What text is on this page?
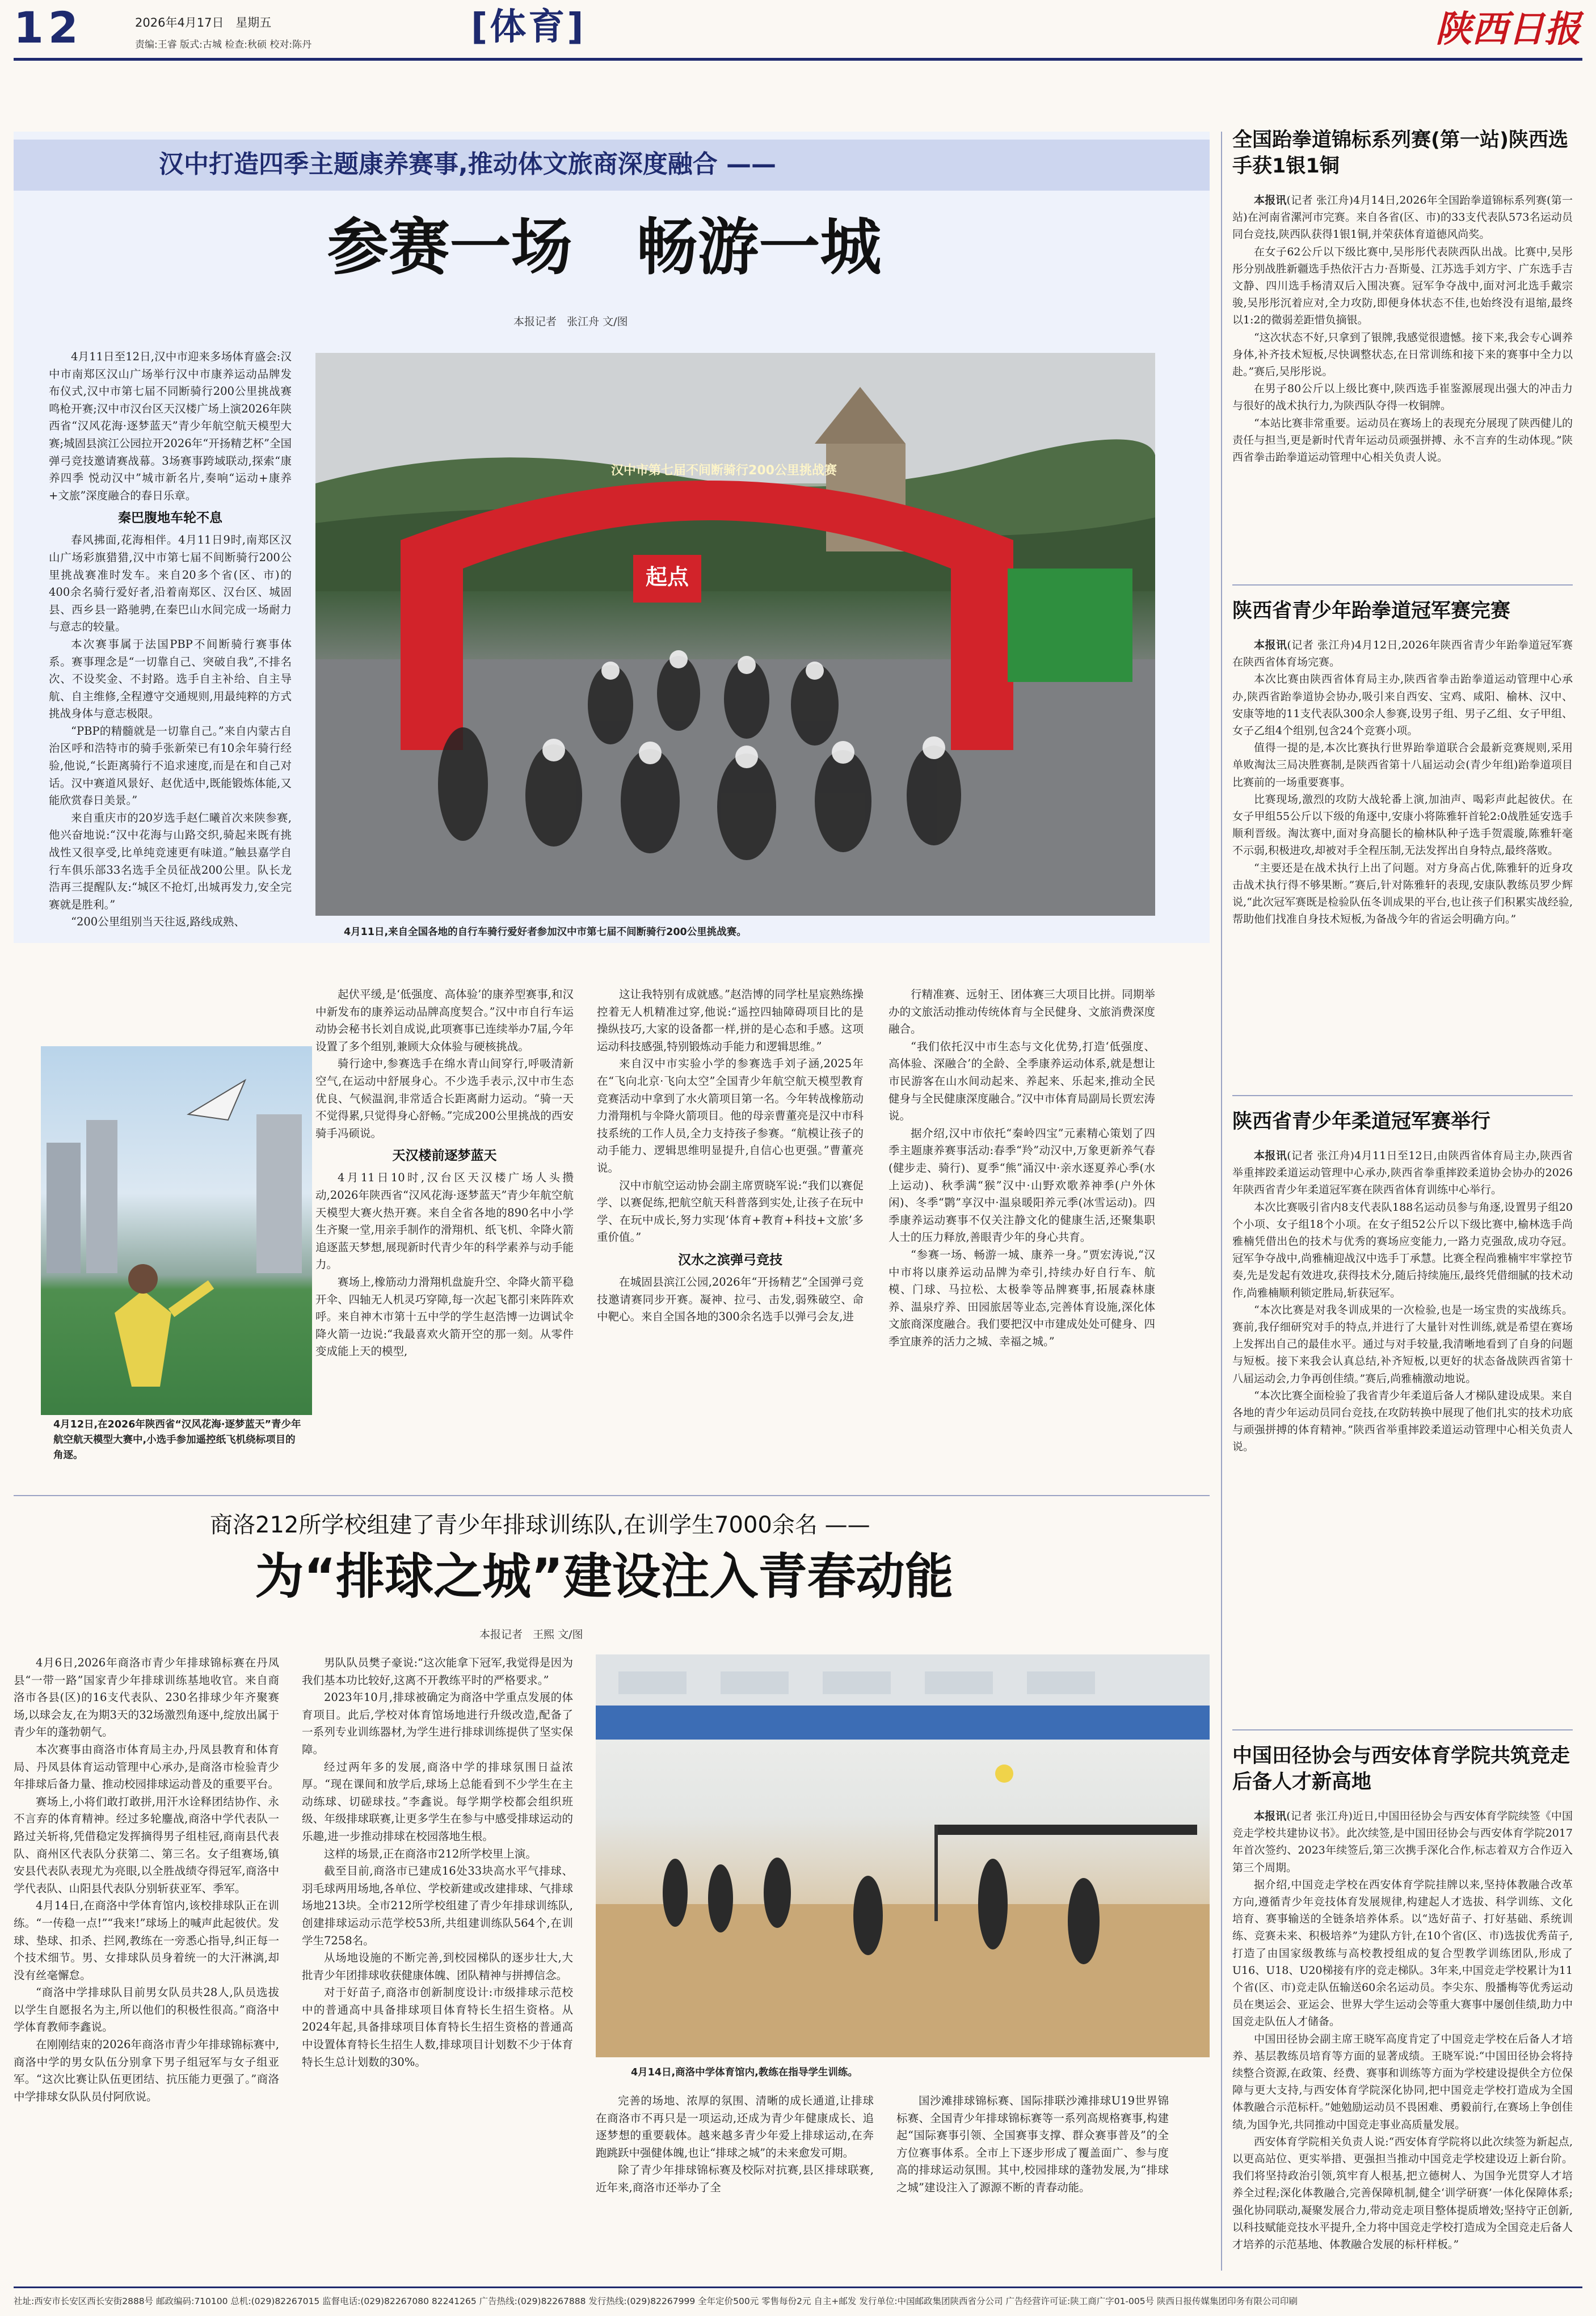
12	2026年4月17日 星期五
责编:王睿 版式:古城 检查:秋硕 校对:陈丹	[体育]	陕西日报
汉中打造四季主题康养赛事,推动体文旅商深度融合 ——
参赛一场   畅游一城
本报记者   张江舟 文/图

4月11日至12日,汉中市迎来多场体育盛会:汉中市南郑区汉山广场举行汉中市康养运动品牌发布仪式,汉中市第七届不同断骑行200公里挑战赛鸣枪开赛;汉中市汉台区天汉楼广场上演2026年陕西省“汉风花海·逐梦蓝天”青少年航空航天模型大赛;城固县滨江公园拉开2026年“开扬精艺杯”全国弹弓竞技邀请赛战幕。3场赛事跨域联动,探索“康养四季 悦动汉中”城市新名片,奏响“运动+康养+文旅”深度融合的春日乐章。

秦巴腹地车轮不息

春风拂面,花海相伴。4月11日9时,南郑区汉山广场彩旗猎猎,汉中市第七届不间断骑行200公里挑战赛准时发车。来自20多个省(区、市)的400余名骑行爱好者,沿着南郑区、汉台区、城固县、西乡县一路驰骋,在秦巴山水间完成一场耐力与意志的较量。

本次赛事属于法国PBP不间断骑行赛事体系。赛事理念是“一切靠自己、突破自我”,不排名次、不设奖金、不封路。选手自主补给、自主导航、自主维修,全程遵守交通规则,用最纯粹的方式挑战身体与意志极限。

“PBP的精髓就是一切靠自己。”来自内蒙古自治区呼和浩特市的骑手张新荣已有10余年骑行经验,他说,“长距离骑行不追求速度,而是在和自己对话。汉中赛道风景好、赵优适中,既能锻炼体能,又能欣赏春日美景。”

来自重庆市的20岁选手赵仁曦首次来陕参赛,他兴奋地说:“汉中花海与山路交织,骑起来既有挑战性又很享受,比单纯竞速更有味道。”触县嘉学自行车俱乐部33名选手全员征战200公里。队长龙浩再三提醒队友:“城区不抢灯,出城再发力,安全完赛就是胜利。”

“200公里组别当天往返,路线成熟、

汉中市第七届不间断骑行200公里挑战赛
起点
4月11日,来自全国各地的自行车骑行爱好者参加汉中市第七届不间断骑行200公里挑战赛。
4月12日,在2026年陕西省“汉风花海·逐梦蓝天”青少年航空航天模型大赛中,小选手参加遥控纸飞机绕标项目的角逐。

起伏平缓,是‘低强度、高体验’的康养型赛事,和汉中新发布的康养运动品牌高度契合。”汉中市自行车运动协会秘书长刘自成说,此项赛事已连续举办7届,今年设置了多个组别,兼顾大众体验与硬核挑战。

骑行途中,参赛选手在绵水青山间穿行,呼吸清新空气,在运动中舒展身心。不少选手表示,汉中市生态优良、气候温润,非常适合长距离耐力运动。“骑一天不觉得累,只觉得身心舒畅。”完成200公里挑战的西安骑手冯硕说。

天汉楼前逐梦蓝天

4月11日10时,汉台区天汉楼广场人头攒动,2026年陕西省“汉风花海·逐梦蓝天”青少年航空航天模型大赛火热开赛。来自全省各地的890名中小学生齐聚一堂,用亲手制作的滑翔机、纸飞机、伞降火箭追逐蓝天梦想,展现新时代青少年的科学素养与动手能力。

赛场上,橡筋动力滑翔机盘旋升空、伞降火箭平稳开伞、四轴无人机灵巧穿障,每一次起飞都引来阵阵欢呼。来自神木市第十五中学的学生赵浩博一边调试伞降火箭一边说:“我最喜欢火箭开空的那一刻。从零件变成能上天的模型,

这让我特别有成就感。”赵浩博的同学杜星宸熟练操控着无人机精准过穿,他说:“遥控四轴障碍项目比的是操纵技巧,大家的设备都一样,拼的是心态和手感。这项运动科技感强,特别锻炼动手能力和逻辑思维。”

来自汉中市实验小学的参赛选手刘子涵,2025年在“飞向北京·飞向太空”全国青少年航空航天模型教育竞赛活动中拿到了水火箭项目第一名。今年转战橡筋动力滑翔机与伞降火箭项目。他的母亲曹董亮是汉中市科技系统的工作人员,全力支持孩子参赛。“航模让孩子的动手能力、逻辑思维明显提升,自信心也更强。”曹董亮说。

汉中市航空运动协会副主席贾晓军说:“我们以赛促学、以赛促练,把航空航天科普落到实处,让孩子在玩中学、在玩中成长,努力实现‘体育+教育+科技+文旅’多重价值。”

汉水之滨弹弓竞技

在城固县滨江公园,2026年“开扬精艺”全国弹弓竞技邀请赛同步开赛。凝神、拉弓、击发,弱殊破空、命中靶心。来自全国各地的300余名选手以弹弓会友,进

行精准赛、远射王、团体赛三大项目比拼。同期举办的文旅活动推动传统体育与全民健身、文旅消费深度融合。

“我们依托汉中市生态与文化优势,打造‘低强度、高体验、深融合’的全龄、全季康养运动体系,就是想让市民游客在山水间动起来、养起来、乐起来,推动全民健身与全民健康深度融合。”汉中市体育局副局长贾宏涛说。

据介绍,汉中市依托“秦岭四宝”元素精心策划了四季主题康养赛事活动:春季“羚”动汉中,万象更新养气春(健步走、骑行)、夏季“熊”涌汉中·亲水逐夏养心季(水上运动)、秋季满“猴”汉中·山野欢歌养神季(户外休闲)、冬季“鹮”享汉中·温泉暖阳养元季(冰雪运动)。四季康养运动赛事不仅关注静文化的健康生活,还聚集职人士的压力释放,善眼青少年的身心共育。

“参赛一场、畅游一城、康养一身。”贾宏涛说,“汉中市将以康养运动品牌为牵引,持续办好自行车、航模、门球、马拉松、太极拳等品牌赛事,拓展森林康养、温泉疗养、田园旅居等业态,完善体育设施,深化体文旅商深度融合。我们要把汉中市建成处处可健身、四季宜康养的活力之城、幸福之城。”

商洛212所学校组建了青少年排球训练队,在训学生7000余名 ——
为“排球之城”建设注入青春动能
本报记者   王熙 文/图

4月6日,2026年商洛市青少年排球锦标赛在丹凤县“一带一路”国家青少年排球训练基地收官。来自商洛市各县(区)的16支代表队、230名排球少年齐聚赛场,以球会友,在为期3天的32场激烈角逐中,绽放出属于青少年的蓬勃朝气。

本次赛事由商洛市体育局主办,丹凤县教育和体育局、丹凤县体育运动管理中心承办,是商洛市检验青少年排球后备力量、推动校园排球运动普及的重要平台。

赛场上,小将们敢打敢拼,用汗水诠释团结协作、永不言弃的体育精神。经过多轮鏖战,商洛中学代表队一路过关斩将,凭借稳定发挥摘得男子组桂冠,商南县代表队、商州区代表队分获第二、第三名。女子组赛场,镇安县代表队表现尤为亮眼,以全胜战绩夺得冠军,商洛中学代表队、山阳县代表队分别斩获亚军、季军。

4月14日,在商洛中学体育馆内,该校排球队正在训练。“一传稳一点!”“我来!”球场上的喊声此起彼伏。发球、垫球、扣杀、拦网,教练在一旁悉心指导,纠正每一个技术细节。男、女排球队员身着统一的大汗淋漓,却没有丝毫懈怠。

“商洛中学排球队目前男女队员共28人,队员选拔以学生自愿报名为主,所以他们的积极性很高。”商洛中学体育教师李鑫说。

在刚刚结束的2026年商洛市青少年排球锦标赛中,商洛中学的男女队伍分别拿下男子组冠军与女子组亚军。“这次比赛让队伍更团结、抗压能力更强了。”商洛中学排球女队队员付阿欣说。

男队队员樊子豪说:“这次能拿下冠军,我觉得是因为我们基本功比较好,这离不开教练平时的严格要求。”

2023年10月,排球被确定为商洛中学重点发展的体育项目。此后,学校对体育馆场地进行升级改造,配备了一系列专业训练器材,为学生进行排球训练提供了坚实保障。

经过两年多的发展,商洛中学的排球氛围日益浓厚。“现在课间和放学后,球场上总能看到不少学生在主动练球、切磋球技。”李鑫说。每学期学校都会组织班级、年级排球联赛,让更多学生在参与中感受排球运动的乐趣,进一步推动排球在校园落地生根。

这样的场景,正在商洛市212所学校里上演。

截至目前,商洛市已建成16处33块高水平气排球、羽毛球两用场地,各单位、学校新建或改建排球、气排球场地213块。全市212所学校组建了青少年排球训练队,创建排球运动示范学校53所,共组建训练队564个,在训学生7258名。

从场地设施的不断完善,到校园梯队的逐步壮大,大批青少年团排球收获健康体魄、团队精神与拼搏信念。

对于好苗子,商洛市创新制度设计:市级排球示范校中的普通高中具备排球项目体育特长生招生资格。从2024年起,具备排球项目体育特长生招生资格的普通高中设置体育特长生招生人数,排球项目计划数不少于体育特长生总计划数的30%。

4月14日,商洛中学体育馆内,教练在指导学生训练。

完善的场地、浓厚的氛围、清晰的成长通道,让排球在商洛市不再只是一项运动,还成为青少年健康成长、追逐梦想的重要载体。越来越多青少年爱上排球运动,在奔跑跳跃中强健体魄,也让“排球之城”的未来愈发可期。

除了青少年排球锦标赛及校际对抗赛,县区排球联赛,近年来,商洛市还举办了全

国沙滩排球锦标赛、国际排联沙滩排球U19世界锦标赛、全国青少年排球锦标赛等一系列高规格赛事,构建起“国际赛事引领、全国赛事支撑、群众赛事普及”的全方位赛事体系。全市上下逐步形成了覆盖面广、参与度高的排球运动氛围。其中,校园排球的蓬勃发展,为“排球之城”建设注入了源源不断的青春动能。

全国跆拳道锦标系列赛(第一站)陕西选手获1银1铜

本报讯(记者 张江舟)4月14日,2026年全国跆拳道锦标系列赛(第一站)在河南省漯河市完赛。来自各省(区、市)的33支代表队573名运动员同台竞技,陕西队获得1银1铜,并荣获体育道德风尚奖。

在女子62公斤以下级比赛中,吴彤彤代表陕西队出战。比赛中,吴彤彤分别战胜新疆选手热依汗古力·吾斯曼、江苏选手刘方宇、广东选手吉文静、四川选手杨清双后入围决赛。冠军争夺战中,面对河北选手戴宗骏,吴彤彤沉着应对,全力攻防,即便身体状态不佳,也始终没有退缩,最终以1:2的微弱差距惜负摘银。

“这次状态不好,只拿到了银牌,我感觉很遗憾。接下来,我会专心调养身体,补齐技术短板,尽快调整状态,在日常训练和接下来的赛事中全力以赴。”赛后,吴彤彤说。

在男子80公斤以上级比赛中,陕西选手崔鉴源展现出强大的冲击力与很好的战术执行力,为陕西队夺得一枚铜牌。

“本站比赛非常重要。运动员在赛场上的表现充分展现了陕西健儿的责任与担当,更是新时代青年运动员顽强拼搏、永不言弃的生动体现。”陕西省拳击跆拳道运动管理中心相关负责人说。

陕西省青少年跆拳道冠军赛完赛

本报讯(记者 张江舟)4月12日,2026年陕西省青少年跆拳道冠军赛在陕西省体育场完赛。

本次比赛由陕西省体育局主办,陕西省拳击跆拳道运动管理中心承办,陕西省跆拳道协会协办,吸引来自西安、宝鸡、咸阳、榆林、汉中、安康等地的11支代表队300余人参赛,设男子组、男子乙组、女子甲组、女子乙组4个组别,包含24个竞赛小项。

值得一提的是,本次比赛执行世界跆拳道联合会最新竞赛规则,采用单败淘汰三局决胜赛制,是陕西省第十八届运动会(青少年组)跆拳道项目比赛前的一场重要赛事。

比赛现场,激烈的攻防大战轮番上演,加油声、喝彩声此起彼伏。在女子甲组55公斤以下级的角逐中,安康小将陈雅轩首轮2:0战胜延安选手顺利晋级。淘汰赛中,面对身高腿长的榆林队种子选手贺震璇,陈雅轩毫不示弱,积极进攻,却被对手全程压制,无法发挥出自身特点,最终落败。

“主要还是在战术执行上出了问题。对方身高占优,陈雅轩的近身攻击战术执行得不够果断。”赛后,针对陈雅轩的表现,安康队教练员罗少辉说,“此次冠军赛既是检验队伍冬训成果的平台,也让孩子们积累实战经验,帮助他们找准自身技术短板,为备战今年的省运会明确方向。”

陕西省青少年柔道冠军赛举行

本报讯(记者 张江舟)4月11日至12日,由陕西省体育局主办,陕西省举重摔跤柔道运动管理中心承办,陕西省拳重摔跤柔道协会协办的2026年陕西省青少年柔道冠军赛在陕西省体育训练中心举行。

本次比赛吸引省内8支代表队188名运动员参与角逐,设置男子组20个小项、女子组18个小项。在女子组52公斤以下级比赛中,榆林选手尚雅楠凭借出色的技术与优秀的赛场应变能力,一路力克强敌,成功夺冠。冠军争夺战中,尚雅楠迎战汉中选手丁承慧。比赛全程尚雅楠牢牢掌控节奏,先是发起有效进攻,获得技术分,随后持续施压,最终凭借细腻的技术动作,尚雅楠顺利锁定胜局,斩获冠军。

“本次比赛是对我冬训成果的一次检验,也是一场宝贵的实战练兵。赛前,我仔细研究对手的特点,并进行了大量针对性训练,就是希望在赛场上发挥出自己的最佳水平。通过与对手较量,我清晰地看到了自身的问题与短板。接下来我会认真总结,补齐短板,以更好的状态备战陕西省第十八届运动会,力争再创佳绩。”赛后,尚雅楠激动地说。

“本次比赛全面检验了我省青少年柔道后备人才梯队建设成果。来自各地的青少年运动员同台竞技,在攻防转换中展现了他们扎实的技术功底与顽强拼搏的体育精神。”陕西省举重摔跤柔道运动管理中心相关负责人说。

中国田径协会与西安体育学院共筑竞走后备人才新高地

本报讯(记者 张江舟)近日,中国田径协会与西安体育学院续签《中国竞走学校共建协议书》。此次续签,是中国田径协会与西安体育学院2017年首次签约、2023年续签后,第三次携手深化合作,标志着双方合作迈入第三个周期。

据介绍,中国竞走学校在西安体育学院挂牌以来,坚持体教融合改革方向,遵循青少年竞技体育发展规律,构建起人才选拔、科学训练、文化培育、赛事输送的全链条培养体系。以“选好苗子、打好基础、系统训练、竞赛未来、积极培养”为建队方针,在10个省(区、市)选拔优秀苗子,打造了由国家级教练与高校教授组成的复合型教学训练团队,形成了U16、U18、U20梯接有序的竞走梯队。3年来,中国竞走学校累计为11个省(区、市)竞走队伍输送60余名运动员。李尖东、殷播梅等优秀运动员在奥运会、亚运会、世界大学生运动会等重大赛事中屡创佳绩,助力中国竞走队伍人才储备。

中国田径协会副主席王晓军高度肯定了中国竞走学校在后备人才培养、基层教练员培育等方面的显著成绩。王晓军说:“中国田径协会将持续整合资源,在政策、经费、赛事和训练等方面为学校建设提供全方位保障与更大支持,与西安体育学院深化协同,把中国竞走学校打造成为全国体教融合示范标杆。”她勉励运动员不畏困难、勇毅前行,在赛场上争创佳绩,为国争光,共同推动中国竞走事业高质量发展。

西安体育学院相关负责人说:“西安体育学院将以此次续签为新起点,以更高站位、更实举措、更强担当推动中国竞走学校建设迈上新台阶。我们将坚持政治引领,筑牢育人根基,把立德树人、为国争光贯穿人才培养全过程;深化体教融合,完善保障机制,健全‘训学研赛’一体化保障体系;强化协同联动,凝聚发展合力,带动竞走项目整体提质增效;坚持守正创新,以科技赋能竞技水平提升,全力将中国竞走学校打造成为全国竞走后备人才培养的示范基地、体教融合发展的标杆样板。”

社址:西安市长安区西长安街2888号 邮政编码:710100 总机:(029)82267015 监督电话:(029)82267080 82241265 广告热线:(029)82267888 发行热线:(029)82267999 全年定价500元 零售每份2元 自主+邮发 发行单位:中国邮政集团陕西省分公司 广告经营许可证:陕工商广字01-005号 陕西日报传媒集团印务有限公司印刷
